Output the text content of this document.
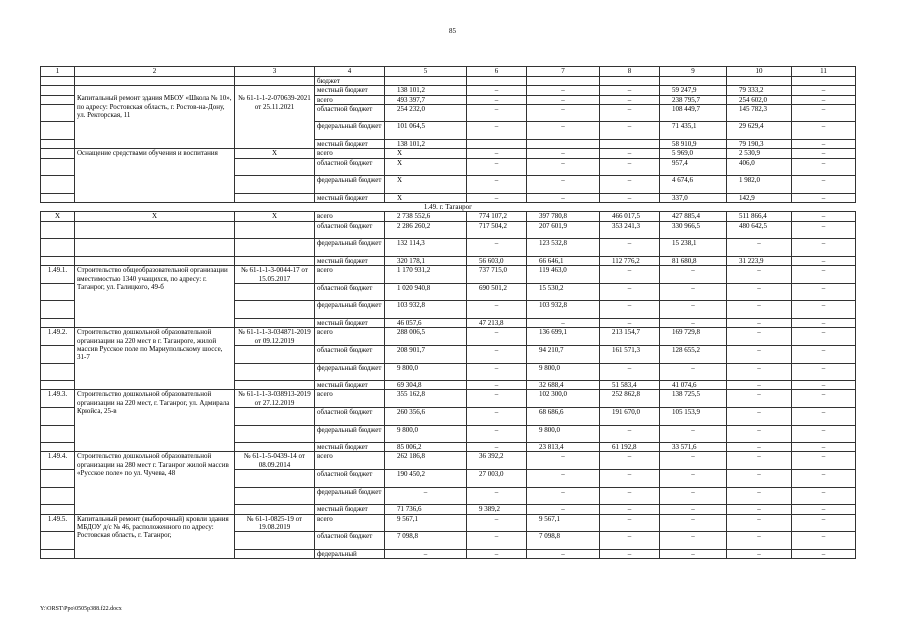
85
1	2	3	4	5	6	7	8	9	10	11
			бюджет							
	Капитальный ремонт здания МБОУ «Школа № 10», по адресу: Ростовская область, г. Ростов-на-Дону, ул. Ректорская, 11	№ 61-1-1-2-070639-2021 от 25.11.2021	местный бюджет	138 101,2	–	–	–	59 247,9	79 333,2	–
			всего	493 397,7	–	–	–	238 795,7	254 602,0	–
			областной бюджет	254 232,0	–	–	–	108 449,7	145 782,3	–
			федеральный бюджет	101 064,5	–	–	–	71 435,1	29 629,4	–
			местный бюджет	138 101,2				58 910,9	79 190,3	–
	Оснащение средствами обучения и воспитания	X	всего	X	–	–	–	5 969,0	2 530,9	–
			областной бюджет	X	–	–	–	957,4	406,0	–
			федеральный бюджет	X	–	–	–	4 674,6	1 982,0	–
			местный бюджет	X	–	–	–	337,0	142,9	–
1.49. г. Таганрог										
X	X	X	всего	2 738 552,6	774 107,2	397 780,8	466 017,5	427 885,4	511 866,4	–
			областной бюджет	2 286 260,2	717 504,2	207 601,9	353 241,3	330 966,5	480 642,5	–
			федеральный бюджет	132 114,3	–	123 532,8	–	15 238,1	–	–
			местный бюджет	320 178,1	56 603,0	66 646,1	112 776,2	81 680,8	31 223,9	–
1.49.1.	Строительство общеобразовательной организации вместимостью 1340 учащихся, по адресу: г. Таганрог, ул. Галицкого, 49-б	№ 61-1-1-3-0044-17 от 15.05.2017	всего	1 170 931,2	737 715,0	119 463,0	–	–	–	–
			областной бюджет	1 020 940,8	690 501,2	15 530,2	–	–	–	–
			федеральный бюджет	103 932,8	–	103 932,8	–	–	–	–
			местный бюджет	46 057,6	47 213,8	–	–	–	–	–
1.49.2.	Строительство дошкольной образовательной организации на 220 мест в г. Таганроге, жилой массив Русское поле по Мариупольскому шоссе, 31-7	№ 61-1-1-3-034871-2019 от 09.12.2019	всего	288 006,5	–	136 699,1	213 154,7	169 729,8	–	–
			областной бюджет	208 901,7	–	94 210,7	161 571,3	128 655,2	–	–
			федеральный бюджет	9 800,0	–	9 800,0	–	–	–	–
			местный бюджет	69 304,8	–	32 688,4	51 583,4	41 074,6	–	–
1.49.3.	Строительство дошкольной образовательной организации на 220 мест, г. Таганрог, ул. Адмирала Крюйса, 25-в	№ 61-1-1-3-038913-2019 от 27.12.2019	всего	355 162,8	–	102 300,0	252 862,8	138 725,5	–	–
			областной бюджет	260 356,6	–	68 686,6	191 670,0	105 153,9	–	–
			федеральный бюджет	9 800,0	–	9 800,0	–	–	–	–
			местный бюджет	85 006,2	–	23 813,4	61 192,8	33 571,6	–	–
1.49.4.	Строительство дошкольной образовательной организации на 280 мест г. Таганрог жилой массив «Русское поле» по ул. Чучева, 48	№ 61-1-5-0439-14 от 08.09.2014	всего	262 186,8	36 392,2	–	–	–	–	–
			областной бюджет	190 450,2	27 003,0	–	–	–	–	–
			федеральный бюджет	–	–	–	–	–	–	–
			местный бюджет	71 736,6	9 389,2	–	–	–	–	–
1.49.5.	Капитальный ремонт (выборочный) кровли здания МБДОУ д/с № 46, расположенного по адресу: Ростовская область, г. Таганрог,	№ 61-1-0825-19 от 19.08.2019	всего	9 567,1	–	9 567,1	–	–	–	–
			областной бюджет	7 098,8	–	7 098,8	–	–	–	–
			федеральный	–	–	–	–	–	–	–
Y:\ORST\Ppo\0505p388.f22.docx
